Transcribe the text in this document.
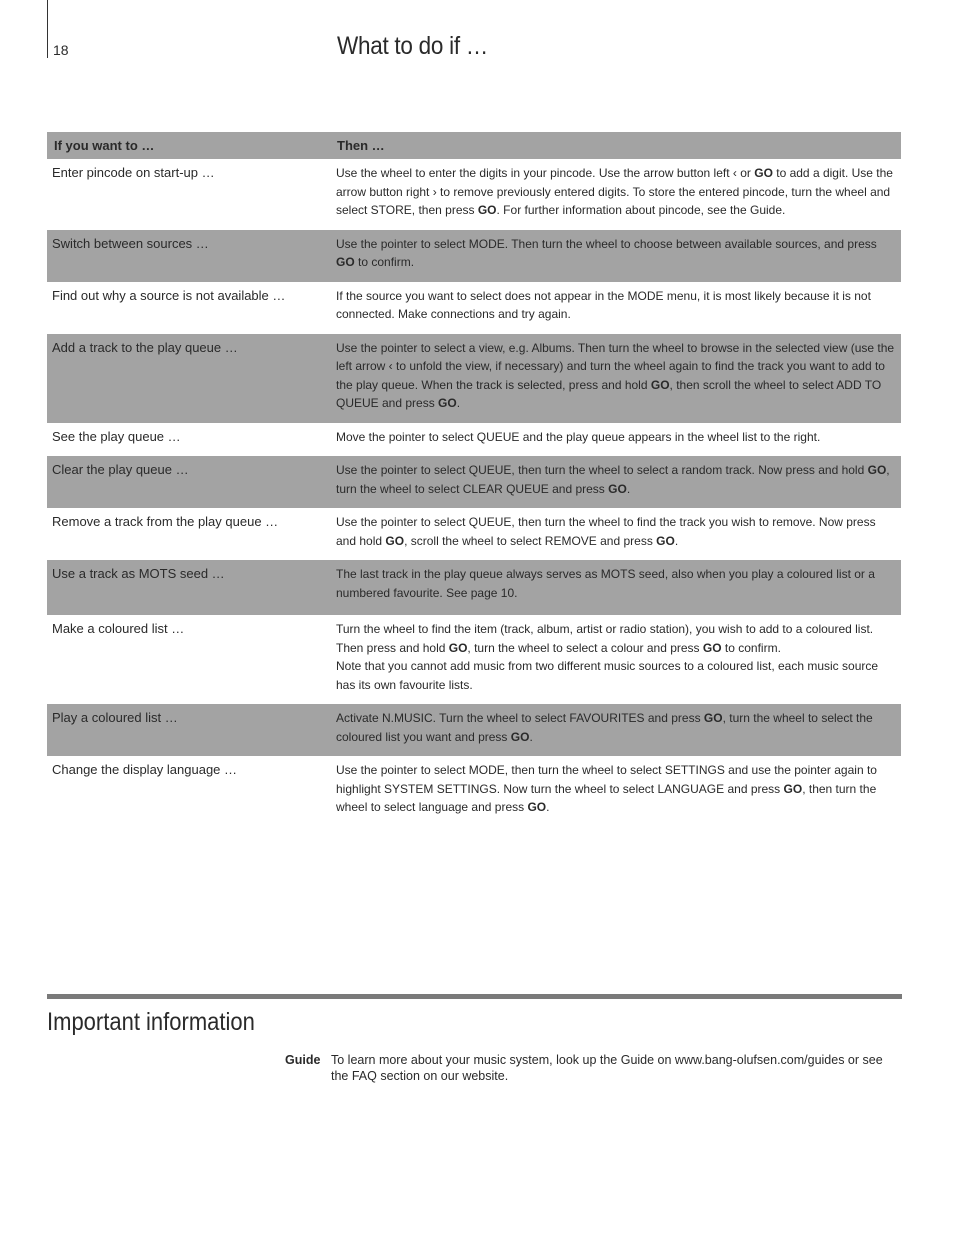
18	What to do if …
If you want to …	Then …
Enter pincode on start-up …	Use the wheel to enter the digits in your pincode. Use the arrow button left ‹ or GO to add a digit. Use the arrow button right › to remove previously entered digits. To store the entered pincode, turn the wheel and select STORE, then press GO. For further information about pincode, see the Guide.
Switch between sources …	Use the pointer to select MODE. Then turn the wheel to choose between available sources, and press GO to confirm.
Find out why a source is not available …	If the source you want to select does not appear in the MODE menu, it is most likely because it is not connected. Make connections and try again.
Add a track to the play queue …	Use the pointer to select a view, e.g. Albums. Then turn the wheel to browse in the selected view (use the left arrow ‹ to unfold the view, if necessary) and turn the wheel again to find the track you want to add to the play queue. When the track is selected, press and hold GO, then scroll the wheel to select ADD TO QUEUE and press GO.
See the play queue …	Move the pointer to select QUEUE and the play queue appears in the wheel list to the right.
Clear the play queue …	Use the pointer to select QUEUE, then turn the wheel to select a random track. Now press and hold GO, turn the wheel to select CLEAR QUEUE and press GO.
Remove a track from the play queue …	Use the pointer to select QUEUE, then turn the wheel to find the track you wish to remove. Now press and hold GO, scroll the wheel to select REMOVE and press GO.
Use a track as MOTS seed …	The last track in the play queue always serves as MOTS seed, also when you play a coloured list or a numbered favourite. See page 10.
Make a coloured list …	Turn the wheel to find the item (track, album, artist or radio station), you wish to add to a coloured list. Then press and hold GO, turn the wheel to select a colour and press GO to confirm.
Note that you cannot add music from two different music sources to a coloured list, each music source has its own favourite lists.

Play a coloured list …	Activate N.MUSIC. Turn the wheel to select FAVOURITES and press GO, turn the wheel to select the coloured list you want and press GO.
Change the display language …	Use the pointer to select MODE, then turn the wheel to select SETTINGS and use the pointer again to highlight SYSTEM SETTINGS. Now turn the wheel to select LANGUAGE and press GO, then turn the wheel to select language and press GO.
Important information
Guide To learn more about your music system, look up the Guide on www.bang-olufsen.com/guides or see the FAQ section on our website.
